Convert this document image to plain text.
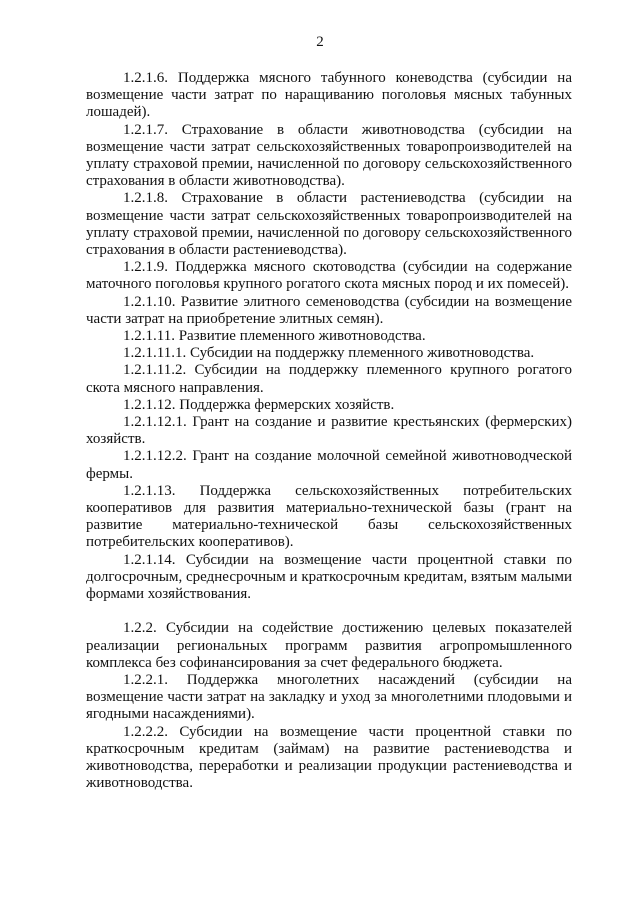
2

1.2.1.6. Поддержка мясного табунного коневодства (субсидии на возмещение части затрат по наращиванию поголовья мясных табунных лошадей).

1.2.1.7. Страхование в области животноводства (субсидии на возмещение части затрат сельскохозяйственных товаропроизводителей на уплату страховой премии, начисленной по договору сельскохозяйственного страхования в области животноводства).

1.2.1.8. Страхование в области растениеводства (субсидии на возмещение части затрат сельскохозяйственных товаропроизводителей на уплату страховой премии, начисленной по договору сельскохозяйственного страхования в области растениеводства).

1.2.1.9. Поддержка мясного скотоводства (субсидии на содержание маточного поголовья крупного рогатого скота мясных пород и их помесей).

1.2.1.10. Развитие элитного семеноводства (субсидии на возмещение части затрат на приобретение элитных семян).

1.2.1.11. Развитие племенного животноводства.

1.2.1.11.1. Субсидии на поддержку племенного животноводства.

1.2.1.11.2. Субсидии на поддержку племенного крупного рогатого скота мясного направления.

1.2.1.12. Поддержка фермерских хозяйств.

1.2.1.12.1. Грант на создание и развитие крестьянских (фермерских) хозяйств.

1.2.1.12.2. Грант на создание молочной семейной животноводческой фермы.

1.2.1.13. Поддержка сельскохозяйственных потребительских кооперативов для развития материально-технической базы (грант на развитие материально-технической базы сельскохозяйственных потребительских кооперативов).

1.2.1.14. Субсидии на возмещение части процентной ставки по долгосрочным, среднесрочным и краткосрочным кредитам, взятым малыми формами хозяйствования.

1.2.2. Субсидии на содействие достижению целевых показателей реализации региональных программ развития агропромышленного комплекса без софинансирования за счет федерального бюджета.

1.2.2.1. Поддержка многолетних насаждений (субсидии на возмещение части затрат на закладку и уход за многолетними плодовыми и ягодными насаждениями).

1.2.2.2. Субсидии на возмещение части процентной ставки по краткосрочным кредитам (займам) на развитие растениеводства и животноводства, переработки и реализации продукции растениеводства и животноводства.
